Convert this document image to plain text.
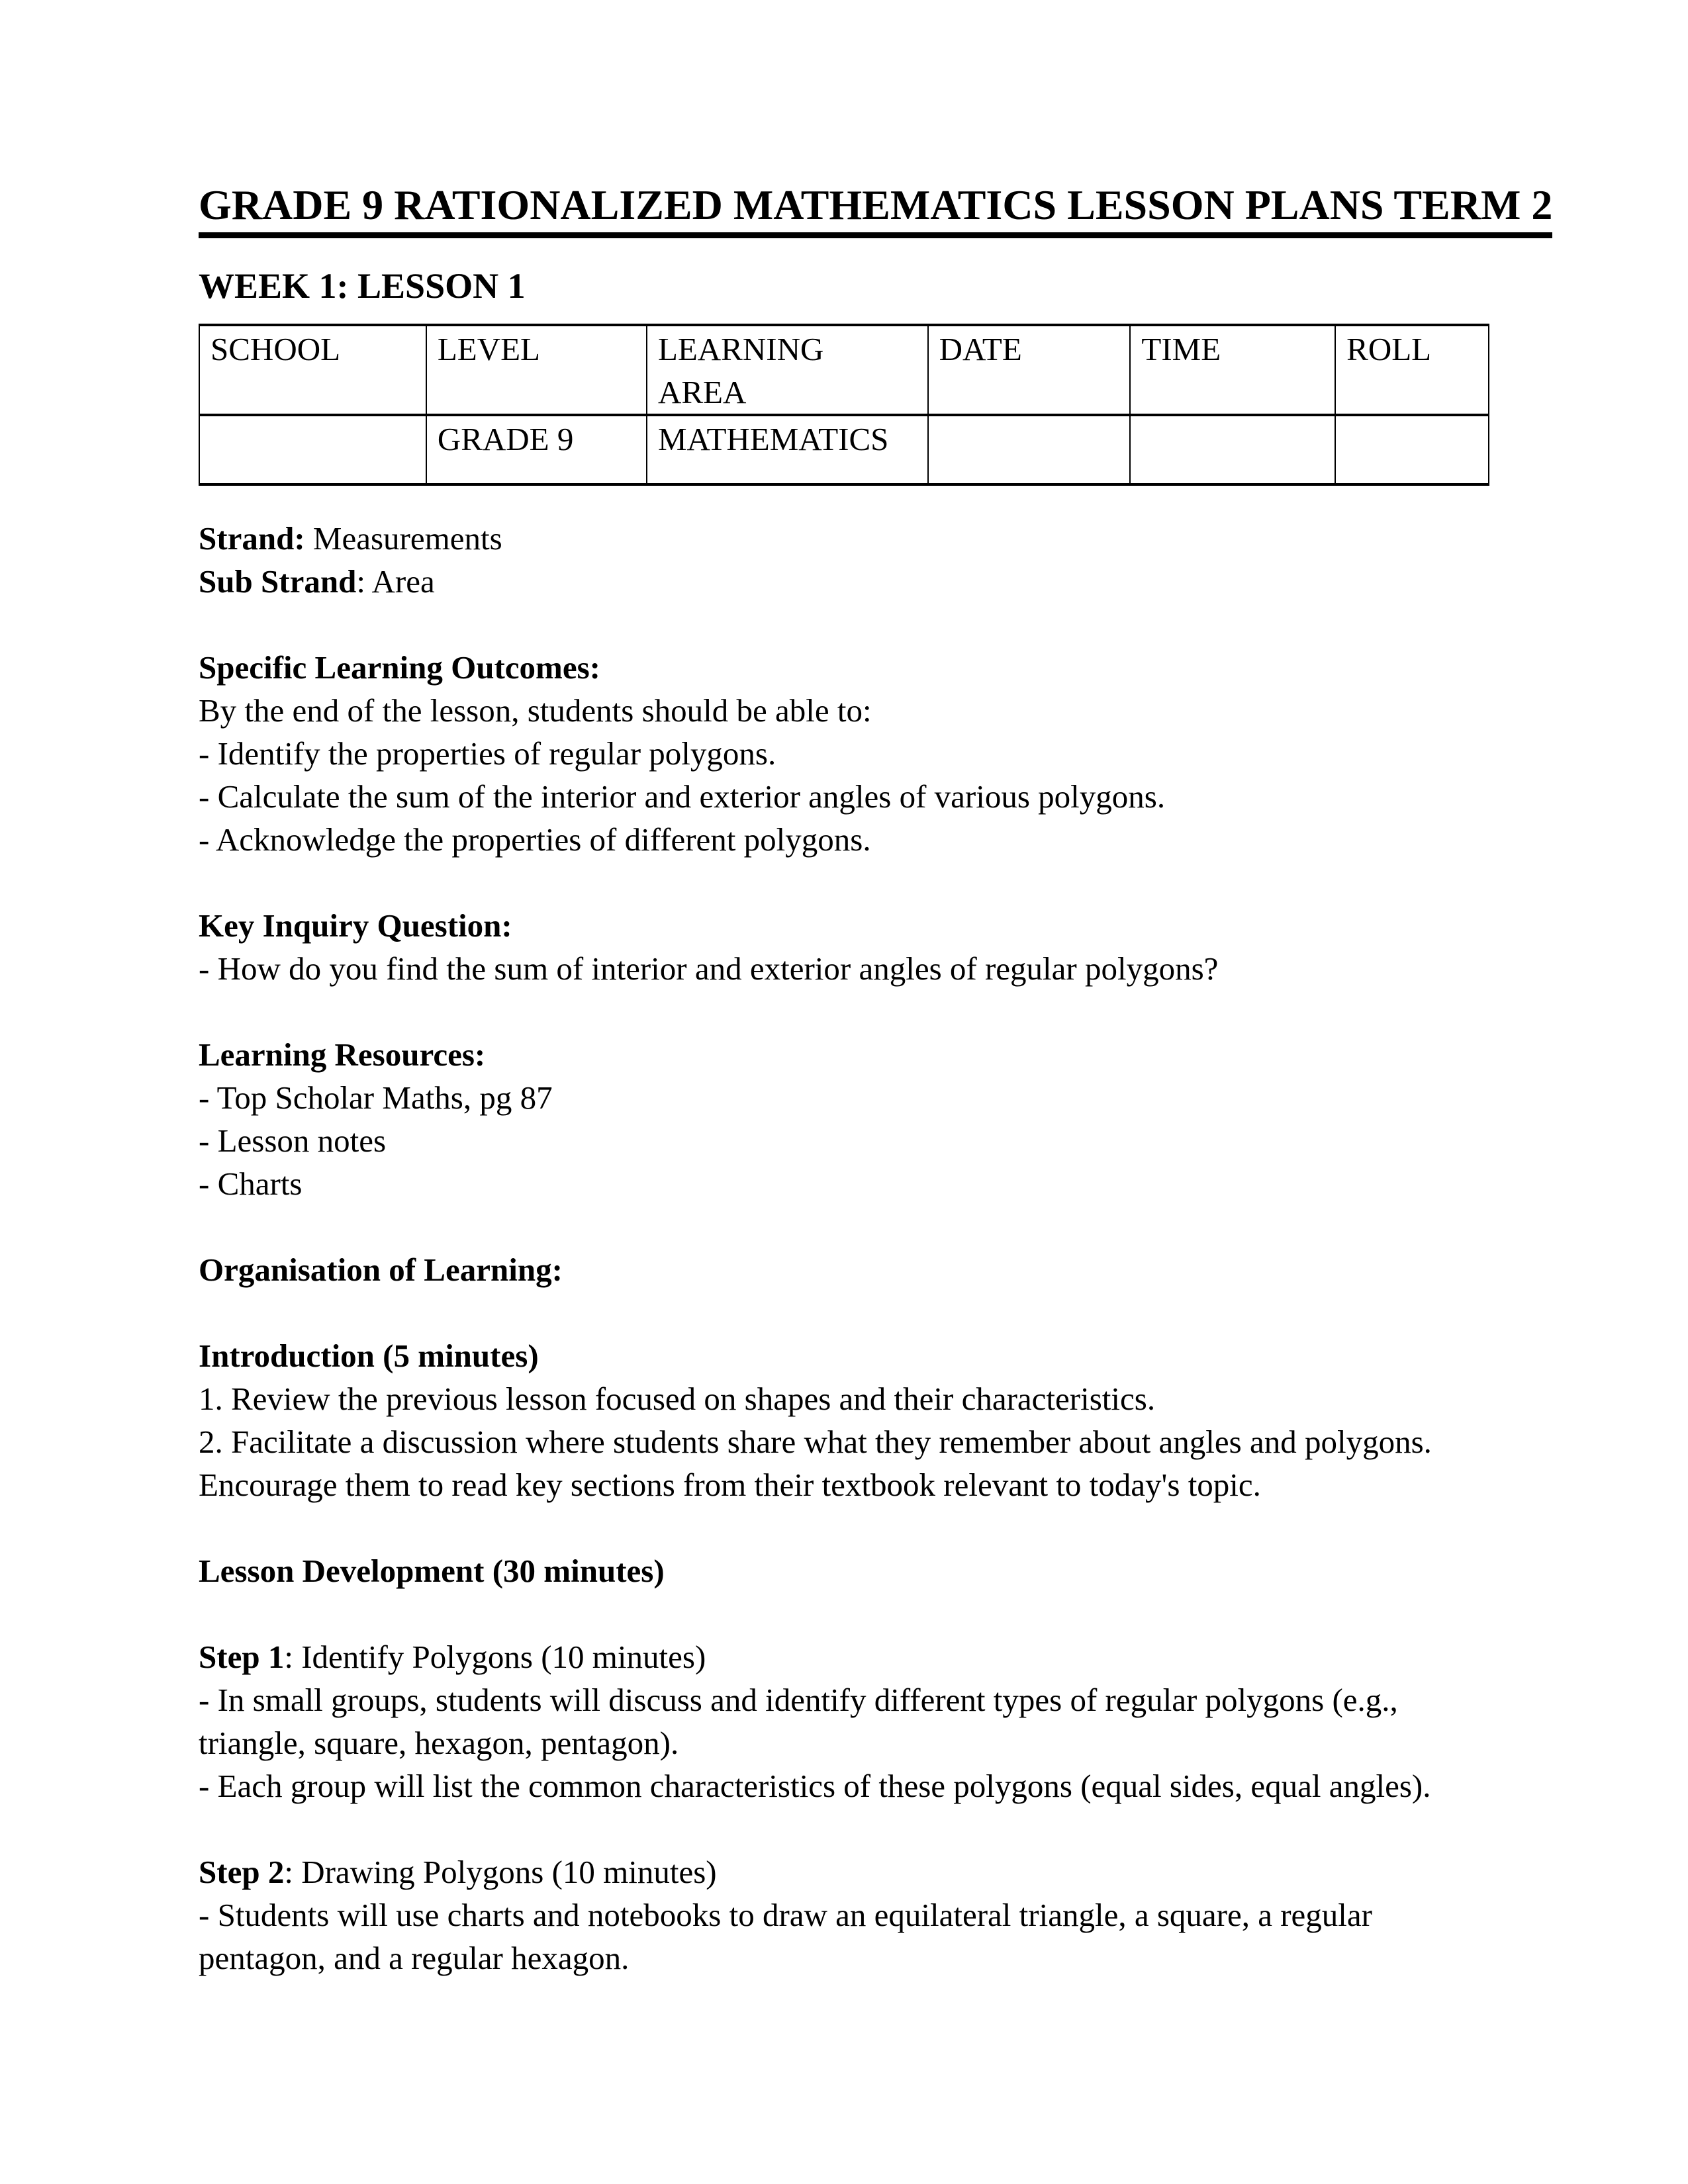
GRADE 9 RATIONALIZED MATHEMATICS LESSON PLANS TERM 2
WEEK 1: LESSON 1
SCHOOL	LEVEL	LEARNING AREA	DATE	TIME	ROLL
	GRADE 9	MATHEMATICS			
Strand: Measurements
Sub Strand: Area
Specific Learning Outcomes:
By the end of the lesson, students should be able to:
- Identify the properties of regular polygons.
- Calculate the sum of the interior and exterior angles of various polygons.
- Acknowledge the properties of different polygons.
Key Inquiry Question:
- How do you find the sum of interior and exterior angles of regular polygons?
Learning Resources:
- Top Scholar Maths, pg 87
- Lesson notes
- Charts
Organisation of Learning:
Introduction (5 minutes)
1. Review the previous lesson focused on shapes and their characteristics.
2. Facilitate a discussion where students share what they remember about angles and polygons.
Encourage them to read key sections from their textbook relevant to today's topic.
Lesson Development (30 minutes)
Step 1: Identify Polygons (10 minutes)
- In small groups, students will discuss and identify different types of regular polygons (e.g.,
triangle, square, hexagon, pentagon).
- Each group will list the common characteristics of these polygons (equal sides, equal angles).
Step 2: Drawing Polygons (10 minutes)
- Students will use charts and notebooks to draw an equilateral triangle, a square, a regular
pentagon, and a regular hexagon.
